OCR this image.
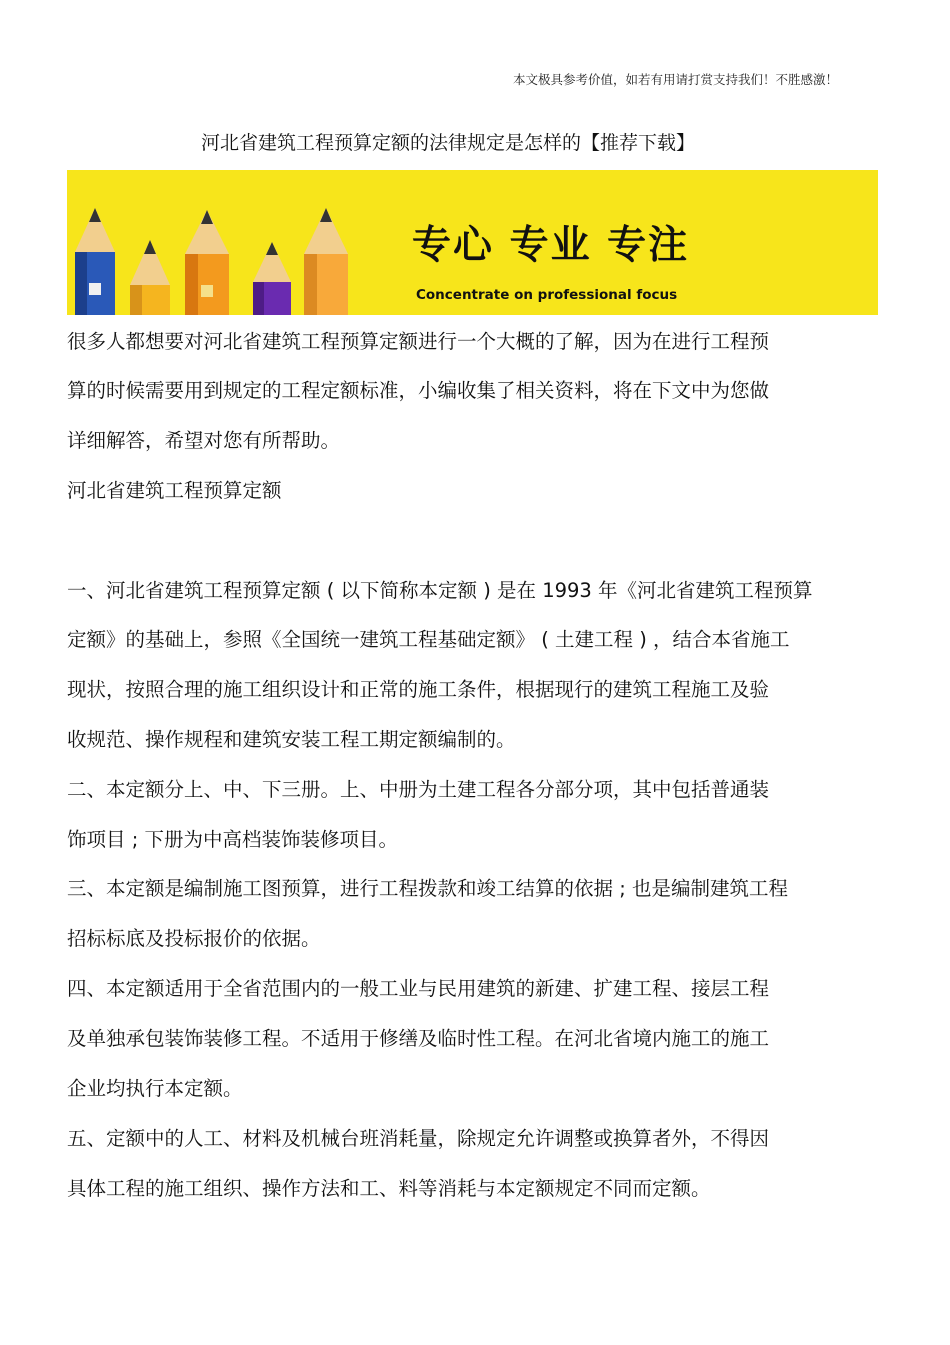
本文极具参考价值，如若有用请打赏支持我们！不胜感激！
河北省建筑工程预算定额的法律规定是怎样的【推荐下载】
专心 专业 专注
Concentrate on professional focus
很多人都想要对河北省建筑工程预算定额进行一个大概的了解，因为在进行工程预
算的时候需要用到规定的工程定额标准，小编收集了相关资料，将在下文中为您做
详细解答，希望对您有所帮助。
河北省建筑工程预算定额
一、河北省建筑工程预算定额 ( 以下简称本定额 ) 是在 1993 年《河北省建筑工程预算
定额》的基础上，参照《全国统一建筑工程基础定额》 ( 土建工程 ) ，结合本省施工
现状，按照合理的施工组织设计和正常的施工条件，根据现行的建筑工程施工及验
收规范、操作规程和建筑安装工程工期定额编制的。
二、本定额分上、中、下三册。上、中册为土建工程各分部分项，其中包括普通装
饰项目 ; 下册为中高档装饰装修项目。
三、本定额是编制施工图预算，进行工程拨款和竣工结算的依据 ; 也是编制建筑工程
招标标底及投标报价的依据。
四、本定额适用于全省范围内的一般工业与民用建筑的新建、扩建工程、接层工程
及单独承包装饰装修工程。不适用于修缮及临时性工程。在河北省境内施工的施工
企业均执行本定额。
五、定额中的人工、材料及机械台班消耗量，除规定允许调整或换算者外，不得因
具体工程的施工组织、操作方法和工、料等消耗与本定额规定不同而定额。
